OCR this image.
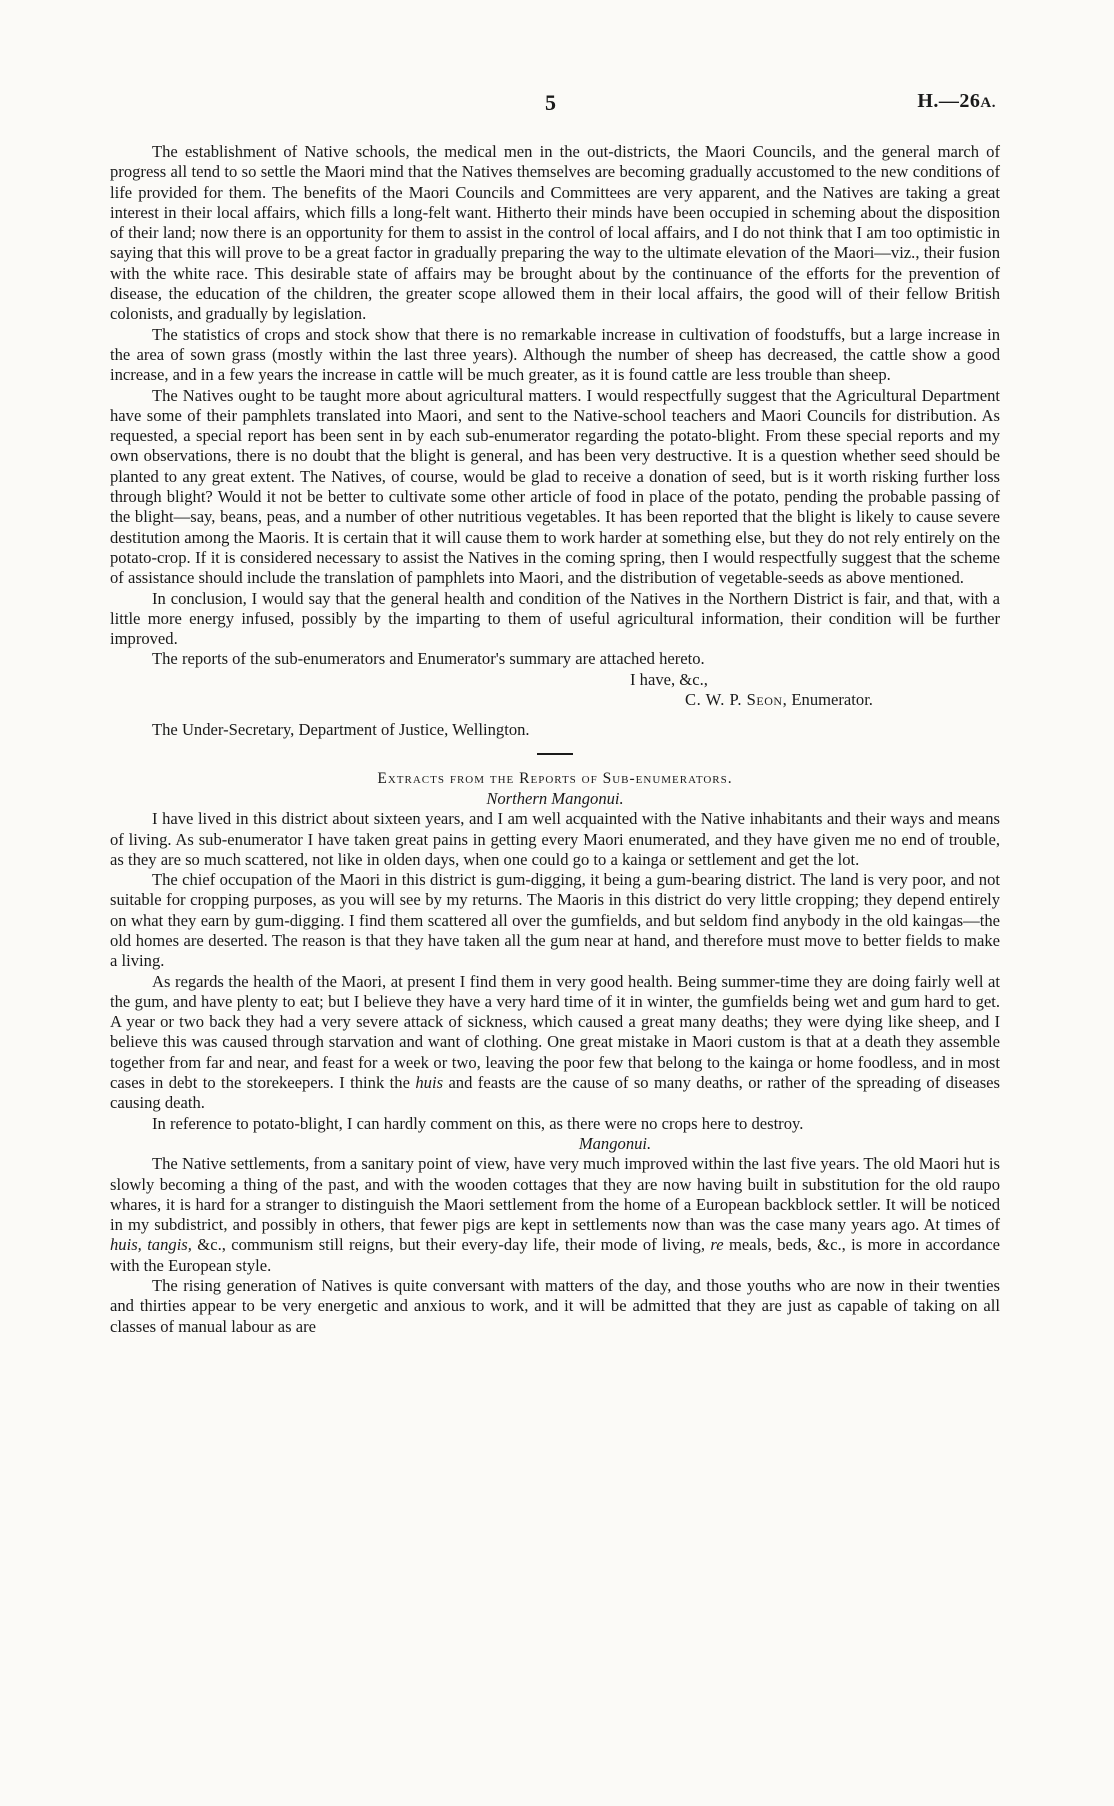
5	H.—26A.

The establishment of Native schools, the medical men in the out-districts, the Maori Councils, and the general march of progress all tend to so settle the Maori mind that the Natives themselves are becoming gradually accustomed to the new conditions of life provided for them. The benefits of the Maori Councils and Committees are very apparent, and the Natives are taking a great interest in their local affairs, which fills a long-felt want. Hitherto their minds have been occupied in scheming about the disposition of their land; now there is an opportunity for them to assist in the control of local affairs, and I do not think that I am too optimistic in saying that this will prove to be a great factor in gradually preparing the way to the ultimate elevation of the Maori—viz., their fusion with the white race. This desirable state of affairs may be brought about by the continuance of the efforts for the prevention of disease, the education of the children, the greater scope allowed them in their local affairs, the good will of their fellow British colonists, and gradually by legislation.

The statistics of crops and stock show that there is no remarkable increase in cultivation of foodstuffs, but a large increase in the area of sown grass (mostly within the last three years). Although the number of sheep has decreased, the cattle show a good increase, and in a few years the increase in cattle will be much greater, as it is found cattle are less trouble than sheep.

The Natives ought to be taught more about agricultural matters. I would respectfully suggest that the Agricultural Department have some of their pamphlets translated into Maori, and sent to the Native-school teachers and Maori Councils for distribution. As requested, a special report has been sent in by each sub-enumerator regarding the potato-blight. From these special reports and my own observations, there is no doubt that the blight is general, and has been very destructive. It is a question whether seed should be planted to any great extent. The Natives, of course, would be glad to receive a donation of seed, but is it worth risking further loss through blight? Would it not be better to cultivate some other article of food in place of the potato, pending the probable passing of the blight—say, beans, peas, and a number of other nutritious vegetables. It has been reported that the blight is likely to cause severe destitution among the Maoris. It is certain that it will cause them to work harder at something else, but they do not rely entirely on the potato-crop. If it is considered necessary to assist the Natives in the coming spring, then I would respectfully suggest that the scheme of assistance should include the translation of pamphlets into Maori, and the distribution of vegetable-seeds as above mentioned.

In conclusion, I would say that the general health and condition of the Natives in the Northern District is fair, and that, with a little more energy infused, possibly by the imparting to them of useful agricultural information, their condition will be further improved.

The reports of the sub-enumerators and Enumerator's summary are attached hereto.

I have, &c.,

C. W. P. Seon, Enumerator.

The Under-Secretary, Department of Justice, Wellington.

Extracts from the Reports of Sub-enumerators.

Northern Mangonui.

I have lived in this district about sixteen years, and I am well acquainted with the Native inhabitants and their ways and means of living. As sub-enumerator I have taken great pains in getting every Maori enumerated, and they have given me no end of trouble, as they are so much scattered, not like in olden days, when one could go to a kainga or settlement and get the lot.

The chief occupation of the Maori in this district is gum-digging, it being a gum-bearing district. The land is very poor, and not suitable for cropping purposes, as you will see by my returns. The Maoris in this district do very little cropping; they depend entirely on what they earn by gum-digging. I find them scattered all over the gumfields, and but seldom find anybody in the old kaingas—the old homes are deserted. The reason is that they have taken all the gum near at hand, and therefore must move to better fields to make a living.

As regards the health of the Maori, at present I find them in very good health. Being summer-time they are doing fairly well at the gum, and have plenty to eat; but I believe they have a very hard time of it in winter, the gumfields being wet and gum hard to get. A year or two back they had a very severe attack of sickness, which caused a great many deaths; they were dying like sheep, and I believe this was caused through starvation and want of clothing. One great mistake in Maori custom is that at a death they assemble together from far and near, and feast for a week or two, leaving the poor few that belong to the kainga or home foodless, and in most cases in debt to the storekeepers. I think the huis and feasts are the cause of so many deaths, or rather of the spreading of diseases causing death.

In reference to potato-blight, I can hardly comment on this, as there were no crops here to destroy.

Mangonui.

The Native settlements, from a sanitary point of view, have very much improved within the last five years. The old Maori hut is slowly becoming a thing of the past, and with the wooden cottages that they are now having built in substitution for the old raupo whares, it is hard for a stranger to distinguish the Maori settlement from the home of a European backblock settler. It will be noticed in my subdistrict, and possibly in others, that fewer pigs are kept in settlements now than was the case many years ago. At times of huis, tangis, &c., communism still reigns, but their every-day life, their mode of living, re meals, beds, &c., is more in accordance with the European style.

The rising generation of Natives is quite conversant with matters of the day, and those youths who are now in their twenties and thirties appear to be very energetic and anxious to work, and it will be admitted that they are just as capable of taking on all classes of manual labour as are
